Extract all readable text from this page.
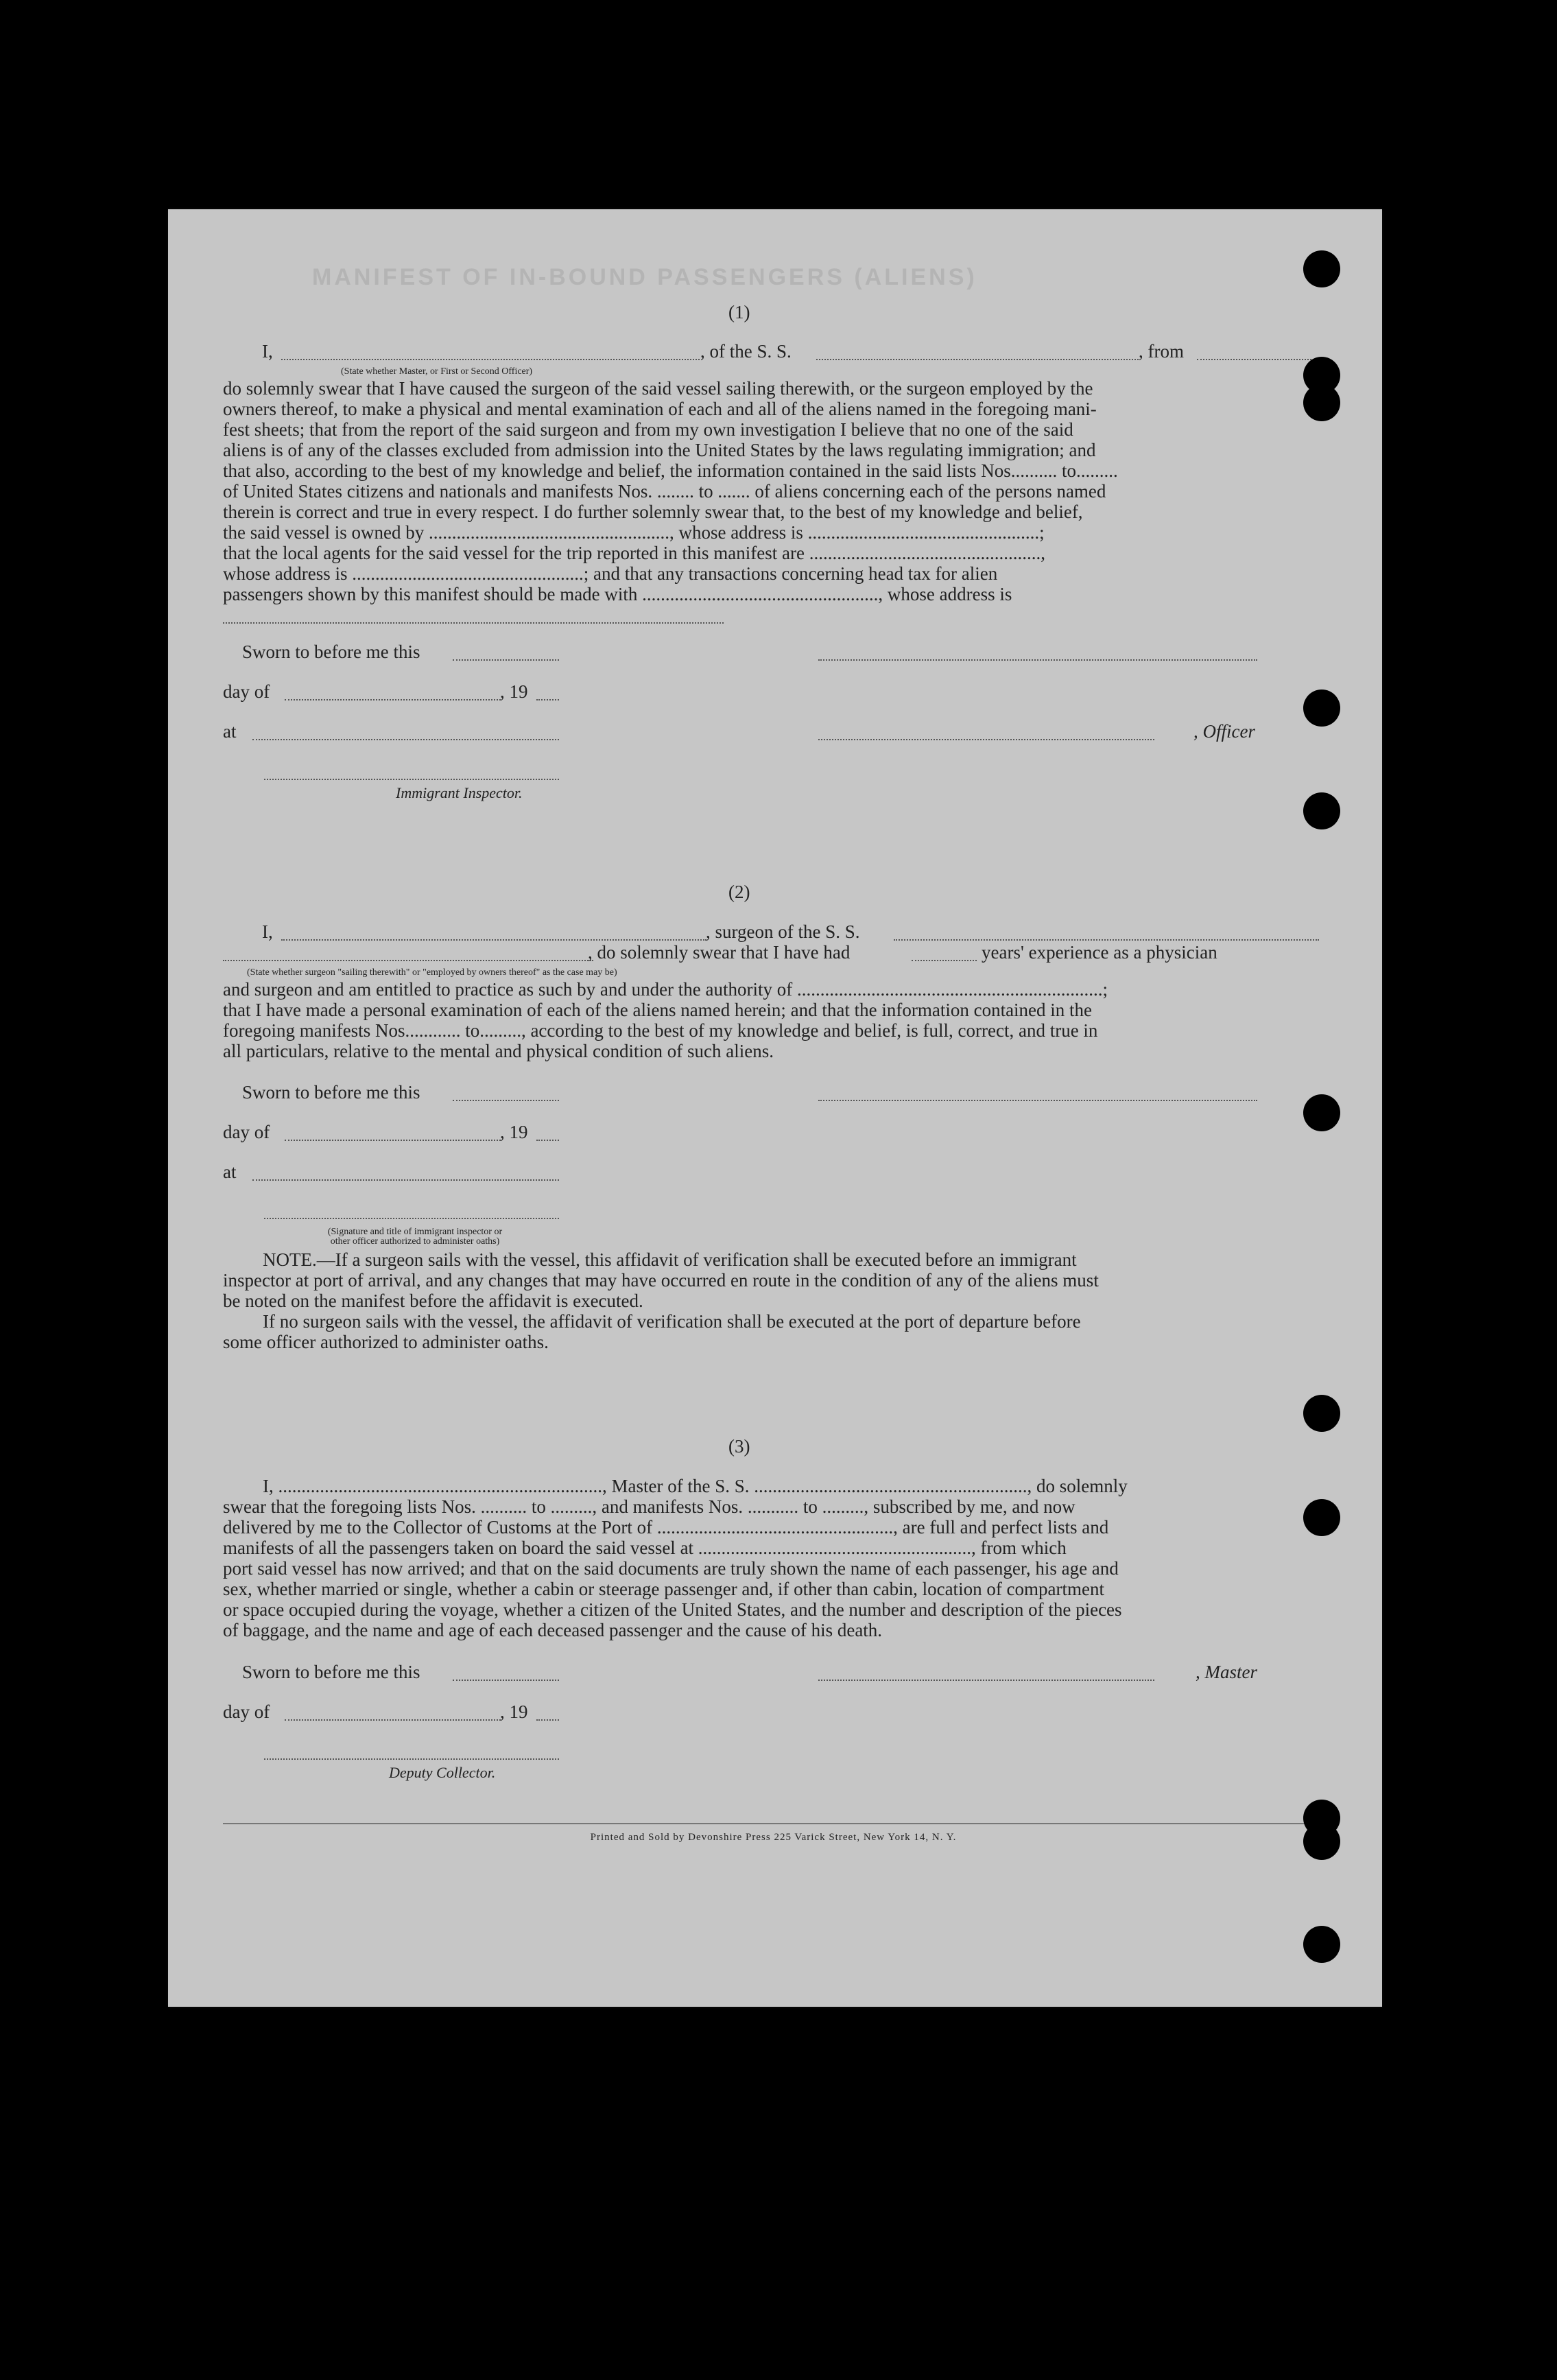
MANIFEST OF IN-BOUND PASSENGERS (ALIENS)
(1)
I,	, of the S. S.	, from
(State whether Master, or First or Second Officer)
do solemnly swear that I have caused the surgeon of the said vessel sailing therewith, or the surgeon employed by the
owners thereof, to make a physical and mental examination of each and all of the aliens named in the foregoing mani-
fest sheets; that from the report of the said surgeon and from my own investigation I believe that no one of the said
aliens is of any of the classes excluded from admission into the United States by the laws regulating immigration; and
that also, according to the best of my knowledge and belief, the information contained in the said lists Nos.......... to.........
of United States citizens and nationals and manifests Nos. ........ to ....... of aliens concerning each of the persons named
therein is correct and true in every respect. I do further solemnly swear that, to the best of my knowledge and belief,
the said vessel is owned by ...................................................., whose address is ..................................................;
that the local agents for the said vessel for the trip reported in this manifest are ..................................................,
whose address is ..................................................; and that any transactions concerning head tax for alien
passengers shown by this manifest should be made with ..................................................., whose address is
Sworn to before me this
day of	, 19
at	, Officer
Immigrant Inspector.
(2)
I,	, surgeon of the S. S.
, do solemnly swear that I have had	years' experience as a physician
(State whether surgeon "sailing therewith" or "employed by owners thereof" as the case may be)
and surgeon and am entitled to practice as such by and under the authority of ..................................................................;
that I have made a personal examination of each of the aliens named herein; and that the information contained in the
foregoing manifests Nos............ to........., according to the best of my knowledge and belief, is full, correct, and true in
all particulars, relative to the mental and physical condition of such aliens.
Sworn to before me this
day of	, 19
at
(Signature and title of immigrant inspector or
other officer authorized to administer oaths)
NOTE.—If a surgeon sails with the vessel, this affidavit of verification shall be executed before an immigrant
inspector at port of arrival, and any changes that may have occurred en route in the condition of any of the aliens must
be noted on the manifest before the affidavit is executed.
If no surgeon sails with the vessel, the affidavit of verification shall be executed at the port of departure before
some officer authorized to administer oaths.
(3)
I, ......................................................................, Master of the S. S. ..........................................................., do solemnly
swear that the foregoing lists Nos. .......... to ........., and manifests Nos. ........... to ........., subscribed by me, and now
delivered by me to the Collector of Customs at the Port of ..................................................., are full and perfect lists and
manifests of all the passengers taken on board the said vessel at ..........................................................., from which
port said vessel has now arrived; and that on the said documents are truly shown the name of each passenger, his age and
sex, whether married or single, whether a cabin or steerage passenger and, if other than cabin, location of compartment
or space occupied during the voyage, whether a citizen of the United States, and the number and description of the pieces
of baggage, and the name and age of each deceased passenger and the cause of his death.
Sworn to before me this	, Master
day of	, 19
Deputy Collector.
Printed and Sold by Devonshire Press 225 Varick Street, New York 14, N. Y.
